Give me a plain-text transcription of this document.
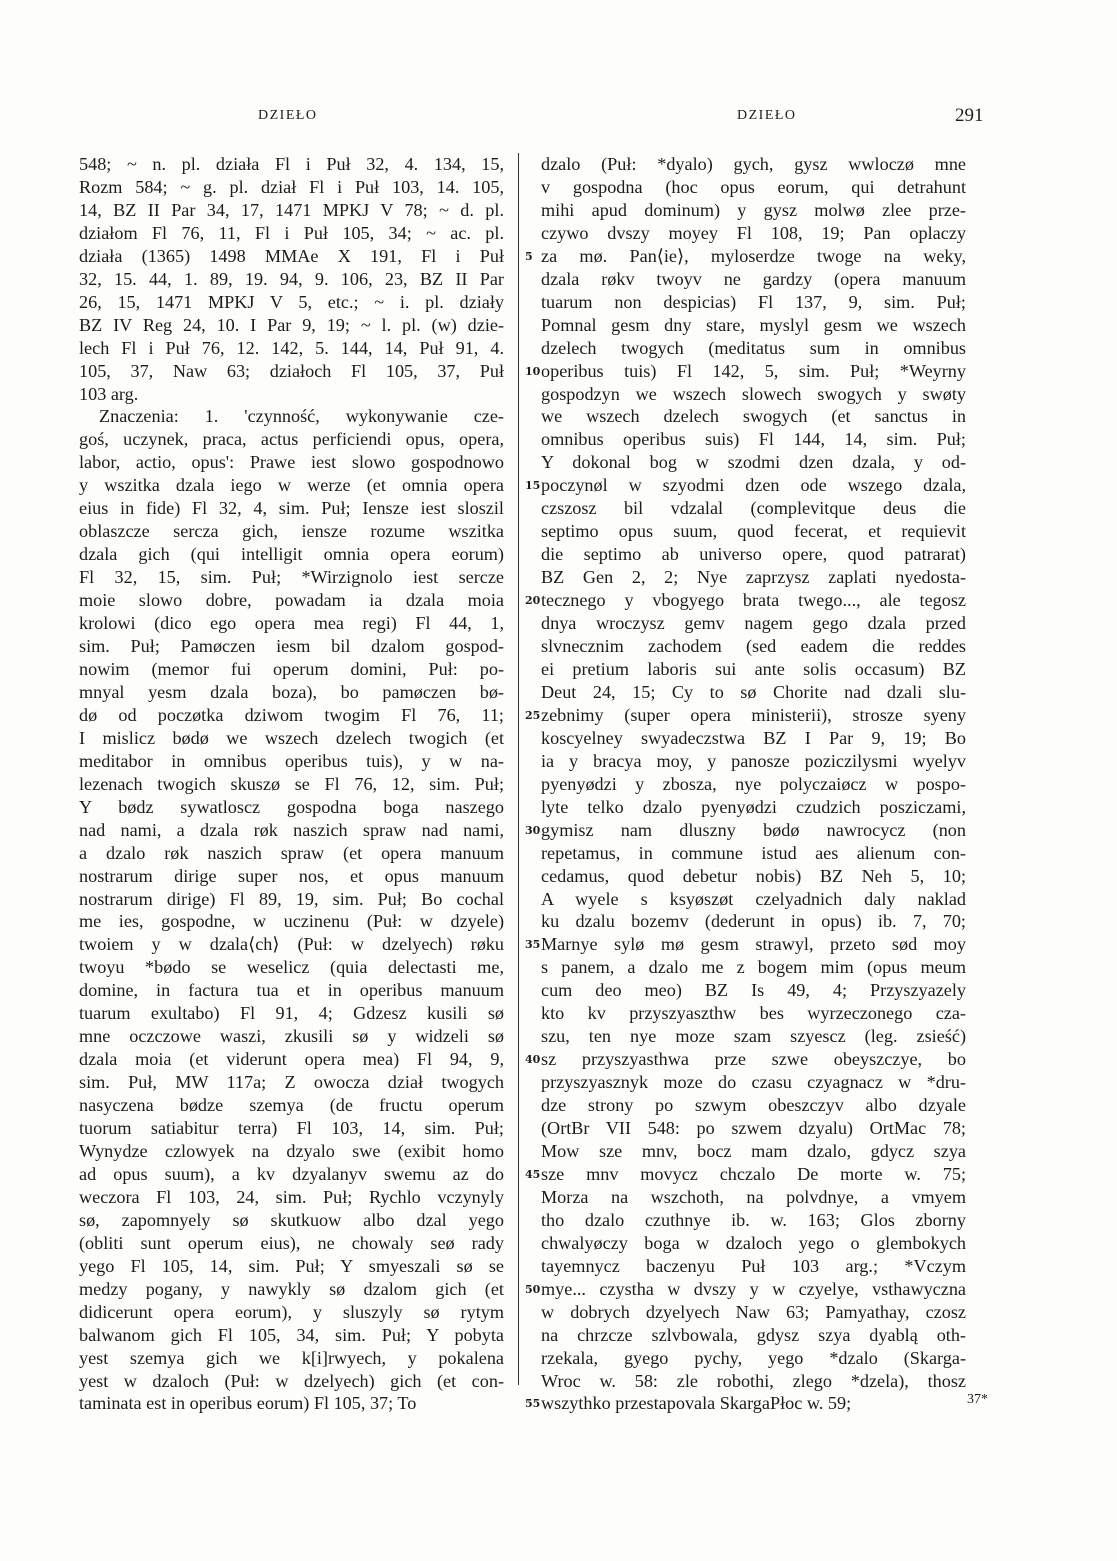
DZIEŁO	DZIEŁO	291
548; ~ n. pl. działa Fl i Puł 32, 4. 134, 15,
Rozm 584; ~ g. pl. dział Fl i Puł 103, 14. 105,
14, BZ II Par 34, 17, 1471 MPKJ V 78; ~ d. pl.
działom Fl 76, 11, Fl i Puł 105, 34; ~ ac. pl.
działa (1365) 1498 MMAe X 191, Fl i Puł
32, 15. 44, 1. 89, 19. 94, 9. 106, 23, BZ II Par
26, 15, 1471 MPKJ V 5, etc.; ~ i. pl. działy
BZ IV Reg 24, 10. I Par 9, 19; ~ l. pl. (w) dzie-
lech Fl i Puł 76, 12. 142, 5. 144, 14, Puł 91, 4.
105, 37, Naw 63; działoch Fl 105, 37, Puł
103 arg.
Znaczenia: 1. 'czynność, wykonywanie cze-
goś, uczynek, praca, actus perficiendi opus, opera,
labor, actio, opus': Prawe iest slowo gospodnowo
y wszitka dzala iego w werze (et omnia opera
eius in fide) Fl 32, 4, sim. Puł; Iensze iest sloszil
oblaszcze sercza gich, iensze rozume wszitka
dzala gich (qui intelligit omnia opera eorum)
Fl 32, 15, sim. Puł; *Wirzignolo iest sercze
moie slowo dobre, powadam ia dzala moia
krolowi (dico ego opera mea regi) Fl 44, 1,
sim. Puł; Pamøczen iesm bil dzalom gospod-
nowim (memor fui operum domini, Puł: po-
mnyal yesm dzala boza), bo pamøczen bø-
dø od poczøtka dziwom twogim Fl 76, 11;
I mislicz bødø we wszech dzelech twogich (et
meditabor in omnibus operibus tuis), y w na-
lezenach twogich skuszø se Fl 76, 12, sim. Puł;
Y bødz sywatloscz gospodna boga naszego
nad nami, a dzala røk naszich spraw nad nami,
a dzalo røk naszich spraw (et opera manuum
nostrarum dirige super nos, et opus manuum
nostrarum dirige) Fl 89, 19, sim. Puł; Bo cochal
me ies, gospodne, w uczinenu (Puł: w dzyele)
twoiem y w dzala⟨ch⟩ (Puł: w dzelyech) røku
twoyu *bødo se weselicz (quia delectasti me,
domine, in factura tua et in operibus manuum
tuarum exultabo) Fl 91, 4; Gdzesz kusili sø
mne oczczowe waszi, zkusili sø y widzeli sø
dzala moia (et viderunt opera mea) Fl 94, 9,
sim. Puł, MW 117a; Z owocza dział twogych
nasyczena bødze szemya (de fructu operum
tuorum satiabitur terra) Fl 103, 14, sim. Puł;
Wynydze czlowyek na dzyalo swe (exibit homo
ad opus suum), a kv dzyalanyv swemu az do
weczora Fl 103, 24, sim. Puł; Rychlo vczynyly
sø, zapomnyely sø skutkuow albo dzal yego
(obliti sunt operum eius), ne chowaly seø rady
yego Fl 105, 14, sim. Puł; Y smyeszali sø se
medzy pogany, y nawykly sø dzalom gich (et
didicerunt opera eorum), y sluszyly sø rytym
balwanom gich Fl 105, 34, sim. Puł; Y pobyta
yest szemya gich we k[i]rwyech, y pokalena
yest w dzaloch (Puł: w dzelyech) gich (et con-
taminata est in operibus eorum) Fl 105, 37; To
5
10
15
20
25
30
35
40
45
50
55
dzalo (Puł: *dyalo) gych, gysz wwloczø mne
v gospodna (hoc opus eorum, qui detrahunt
mihi apud dominum) y gysz molwø zlee prze-
czywo dvszy moyey Fl 108, 19; Pan oplaczy
za mø. Pan⟨ie⟩, myloserdze twoge na weky,
dzala røkv twoyv ne gardzy (opera manuum
tuarum non despicias) Fl 137, 9, sim. Puł;
Pomnal gesm dny stare, myslyl gesm we wszech
dzelech twogych (meditatus sum in omnibus
operibus tuis) Fl 142, 5, sim. Puł; *Weyrny
gospodzyn we wszech slowech swogych y swøty
we wszech dzelech swogych (et sanctus in
omnibus operibus suis) Fl 144, 14, sim. Puł;
Y dokonal bog w szodmi dzen dzala, y od-
poczynøl w szyodmi dzen ode wszego dzala,
czszosz bil vdzalal (complevitque deus die
septimo opus suum, quod fecerat, et requievit
die septimo ab universo opere, quod patrarat)
BZ Gen 2, 2; Nye zaprzysz zaplati nyedosta-
tecznego y vbogyego brata twego..., ale tegosz
dnya wroczysz gemv nagem gego dzala przed
slvnecznim zachodem (sed eadem die reddes
ei pretium laboris sui ante solis occasum) BZ
Deut 24, 15; Cy to sø Chorite nad dzali slu-
zebnimy (super opera ministerii), strosze syeny
koscyelney swyadeczstwa BZ I Par 9, 19; Bo
ia y bracya moy, y panosze poziczilysmi wyelyv
pyenyødzi y zbosza, nye polyczaiøcz w pospo-
lyte telko dzalo pyenyødzi czudzich posziczami,
gymisz nam dluszny bødø nawrocycz (non
repetamus, in commune istud aes alienum con-
cedamus, quod debetur nobis) BZ Neh 5, 10;
A wyele s ksyøszøt czelyadnich daly naklad
ku dzalu bozemv (dederunt in opus) ib. 7, 70;
Marnye sylø mø gesm strawyl, przeto sød moy
s panem, a dzalo me z bogem mim (opus meum
cum deo meo) BZ Is 49, 4; Przyszyazely
kto kv przyszyaszthw bes wyrzeczonego cza-
szu, ten nye moze szam szyescz (leg. zsieść)
sz przyszyasthwa prze szwe obeyszczye, bo
przyszyasznyk moze do czasu czyagnacz w *dru-
dze strony po szwym obeszczyv albo dzyale
(OrtBr VII 548: po szwem dzyalu) OrtMac 78;
Mow sze mnv, bocz mam dzalo, gdycz szya
sze mnv movycz chczalo De morte w. 75;
Morza na wszchoth, na polvdnye, a vmyem
tho dzalo czuthnye ib. w. 163; Glos zborny
chwalyøczy boga w dzaloch yego o glembokych
tayemnycz baczenyu Puł 103 arg.; *Vczym
mye... czystha w dvszy y w czyelye, vsthawyczna
w dobrych dzyelyech Naw 63; Pamyathay, czosz
na chrzcze szlvbowala, gdysz szya dyablą oth-
rzekala, gyego pychy, yego *dzalo (Skarga-
Wroc w. 58: zle robothi, zlego *dzela), thosz
wszythko przestapovala SkargaPłoc w. 59;	37*
